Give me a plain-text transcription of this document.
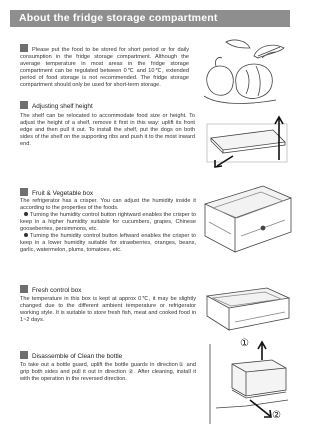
About the fridge storage compartment
Please put the food to be stored for short period or for daily consumption in the fridge storage compartment. Although the average temperature in most areas in the fridge storage compartment can be regulated between 0℃ and 10℃, extended period of food storage is not recommended. The fridge storage compartment should only be used for short-term storage.
Adjusting shelf height
The shelf can be relocated to accommodate food size or height. To adjust the height of a shelf, remove it first in this way: uplift its front edge and then pull it out. To install the shelf, put the dogs on both sides of the shelf on the supporting ribs and push it to the most inward end.
Fruit & Vegetable box
The refrigerator has a crisper. You can adjust the humidity inside it according to the properties of the foods.
Turning the humidity control button rightward enables the crisper to keep in a higher humidity suitable for cucumbers, grapes, Chinese gooseberries, persimmons, etc.
Turning the humidity control button leftward enables the crisper to keep in a lower humidity suitable for strawberries, oranges, beans, garlic, watermelon, plums, tomatoes, etc.
Fresh control box
The temperature in this box is kept at approx 0℃, it may be slightly changed due to the different ambient temperature or refrigerator working style. It is suitable to store fresh fish, meat and cooked food in 1~2 days.
Disassemble of Clean the bottle
To take out a bottle guard, uplift the bottle guards in direction① and grip both sides and pull it out in direction ②. After cleaning, install it with the operation in the reversed direction.
①
②
